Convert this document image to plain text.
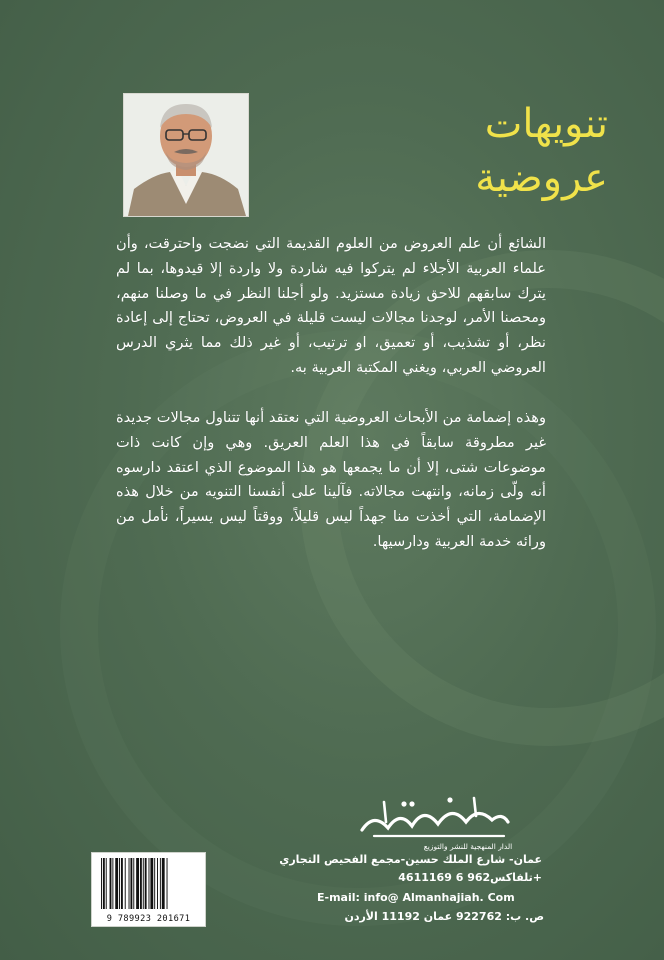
تنويهات
عروضية

الشائع أن علم العروض من العلوم القديمة التي نضجت واحترقت، وأن علماء العربية الأجلاء لم يتركوا فيه شاردة ولا واردة إلا قيدوها، بما لم يترك سابقهم للاحق زيادة مستزيد. ولو أجلنا النظر في ما وصلنا منهم، ومحصنا الأمر، لوجدنا مجالات ليست قليلة في العروض، تحتاج إلى إعادة نظر، أو تشذيب، أو تعميق، او ترتيب، أو غير ذلك مما يثري الدرس العروضي العربي، ويغني المكتبة العربية به.

وهذه إضمامة من الأبحاث العروضية التي نعتقد أنها تتناول مجالات جديدة غير مطروقة سابقاً في هذا العلم العريق. وهي وإن كانت ذات موضوعات شتى، إلا أن ما يجمعها هو هذا الموضوع الذي اعتقد دارسوه أنه ولّى زمانه، وانتهت مجالاته. فآلينا على أنفسنا التنويه من خلال هذه الإضمامة، التي أخذت منا جهداً ليس قليلاً، ووقتاً ليس يسيراً، نأمل من ورائه خدمة العربية ودارسيها.

الدار المنهجية للنشر والتوزيع
عمان- شارع الملك حسين-مجمع الفحيص التجاري
تلفاكس962 6 4611169+
E-mail: info@ Almanhajiah. Com
ص. ب: 922762 عمان 11192 الأردن
9 789923 201671
